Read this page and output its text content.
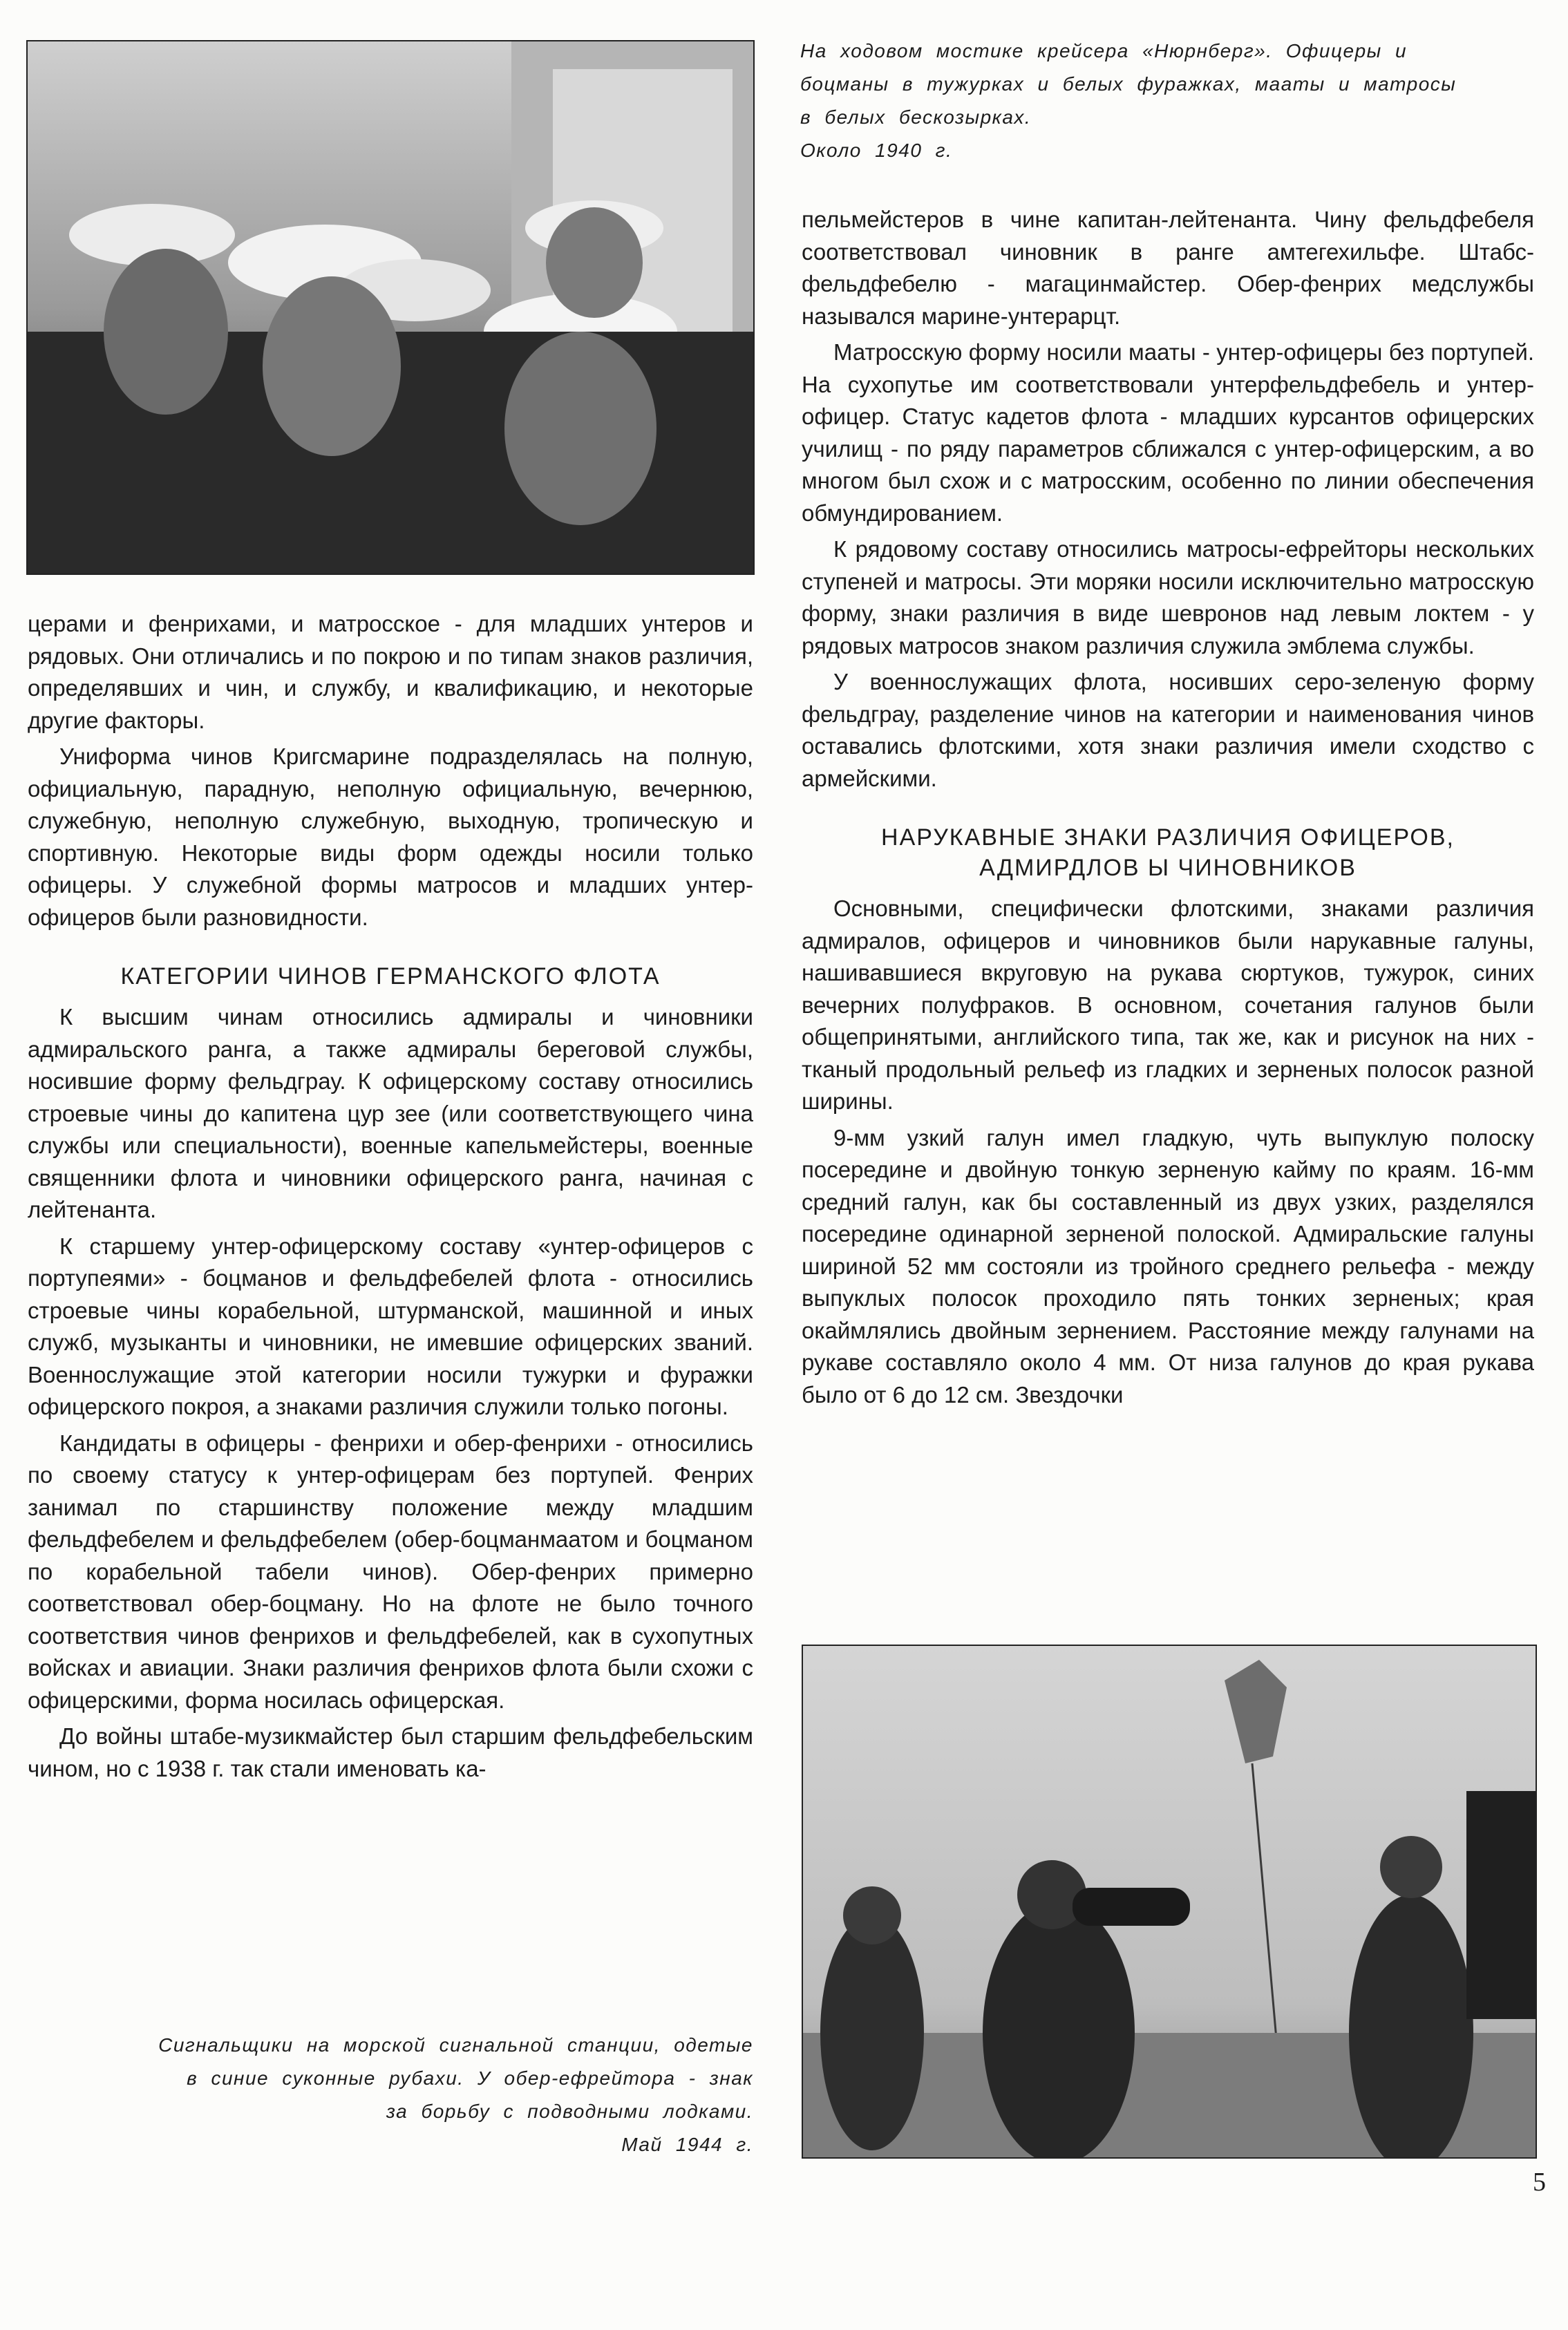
На ходовом мостике крейсера «Нюрнберг». Офицеры и

боцманы в тужурках и белых фуражках, мааты и матросы

в белых бескозырках.

Около 1940 г.

церами и фенрихами, и матросское - для младших унтеров и рядовых. Они отличались и по покрою и по типам знаков различия, определявших и чин, и службу, и квалификацию, и некоторые другие факторы.

Униформа чинов Кригсмарине подразделялась на полную, официальную, парадную, неполную официальную, вечернюю, служебную, неполную служебную, выходную, тропическую и спортивную. Некоторые виды форм одежды носили только офицеры. У служебной формы матросов и младших унтер-офицеров были разновидности.

КАТЕГОРИИ ЧИНОВ ГЕРМАНСКОГО ФЛОТА

К высшим чинам относились адмиралы и чиновники адмиральского ранга, а также адмиралы береговой службы, носившие форму фельдграу. К офицерскому составу относились строевые чины до капитена цур зее (или соответствующего чина службы или специальности), военные капельмейстеры, военные священники флота и чиновники офицерского ранга, начиная с лейтенанта.

К старшему унтер-офицерскому составу «унтер-офицеров с портупеями» - боцманов и фельдфебелей флота - относились строевые чины корабельной, штурманской, машинной и иных служб, музыканты и чиновники, не имевшие офицерских званий. Военнослужащие этой категории носили тужурки и фуражки офицерского покроя, а знаками различия служили только погоны.

Кандидаты в офицеры - фенрихи и обер-фенрихи - относились по своему статусу к унтер-офицерам без портупей. Фенрих занимал по старшинству положение между младшим фельдфебелем и фельдфебелем (обер-боцманмаатом и боцманом по корабельной табели чинов). Обер-фенрих примерно соответствовал обер-боцману. Но на флоте не было точного соответствия чинов фенрихов и фельдфебелей, как в сухопутных войсках и авиации. Знаки различия фенрихов флота были схожи с офицерскими, форма носилась офицерская.

До войны штабе-музикмайстер был старшим фельдфебельским чином, но с 1938 г. так стали именовать ка-

Сигнальщики на морской сигнальной станции, одетые

в синие суконные рубахи. У обер-ефрейтора - знак

за борьбу с подводными лодками.

Май 1944 г.

пельмейстеров в чине капитан-лейтенанта. Чину фельдфебеля соответствовал чиновник в ранге амтегехильфе. Штабс-фельдфебелю - магацинмайстер. Обер-фенрих медслужбы назывался марине-унтерарцт.

Матросскую форму носили мааты - унтер-офицеры без портупей. На сухопутье им соответствовали унтерфельдфебель и унтер-офицер. Статус кадетов флота - младших курсантов офицерских училищ - по ряду параметров сближался с унтер-офицерским, а во многом был схож и с матросским, особенно по линии обеспечения обмундированием.

К рядовому составу относились матросы-ефрейторы нескольких ступеней и матросы. Эти моряки носили исключительно матросскую форму, знаки различия в виде шевронов над левым локтем - у рядовых матросов знаком различия служила эмблема службы.

У военнослужащих флота, носивших серо-зеленую форму фельдграу, разделение чинов на категории и наименования чинов оставались флотскими, хотя знаки различия имели сходство с армейскими.

НАРУКАВНЫЕ ЗНАКИ РАЗЛИЧИЯ ОФИЦЕРОВ, АДМИРДЛОВ Ы ЧИНОВНИКОВ

Основными, специфически флотскими, знаками различия адмиралов, офицеров и чиновников были нарукавные галуны, нашивавшиеся вкруговую на рукава сюртуков, тужурок, синих вечерних полуфраков. В основном, сочетания галунов были общепринятыми, английского типа, так же, как и рисунок на них - тканый продольный рельеф из гладких и зерненых полосок разной ширины.

9-мм узкий галун имел гладкую, чуть выпуклую полоску посередине и двойную тонкую зерненую кайму по краям. 16-мм средний галун, как бы составленный из двух узких, разделялся посередине одинарной зерненой полоской. Адмиральские галуны шириной 52 мм состояли из тройного среднего рельефа - между выпуклых полосок проходило пять тонких зерненых; края окаймлялись двойным зернением. Расстояние между галунами на рукаве составляло около 4 мм. От низа галунов до края рукава было от 6 до 12 см. Звездочки

5
